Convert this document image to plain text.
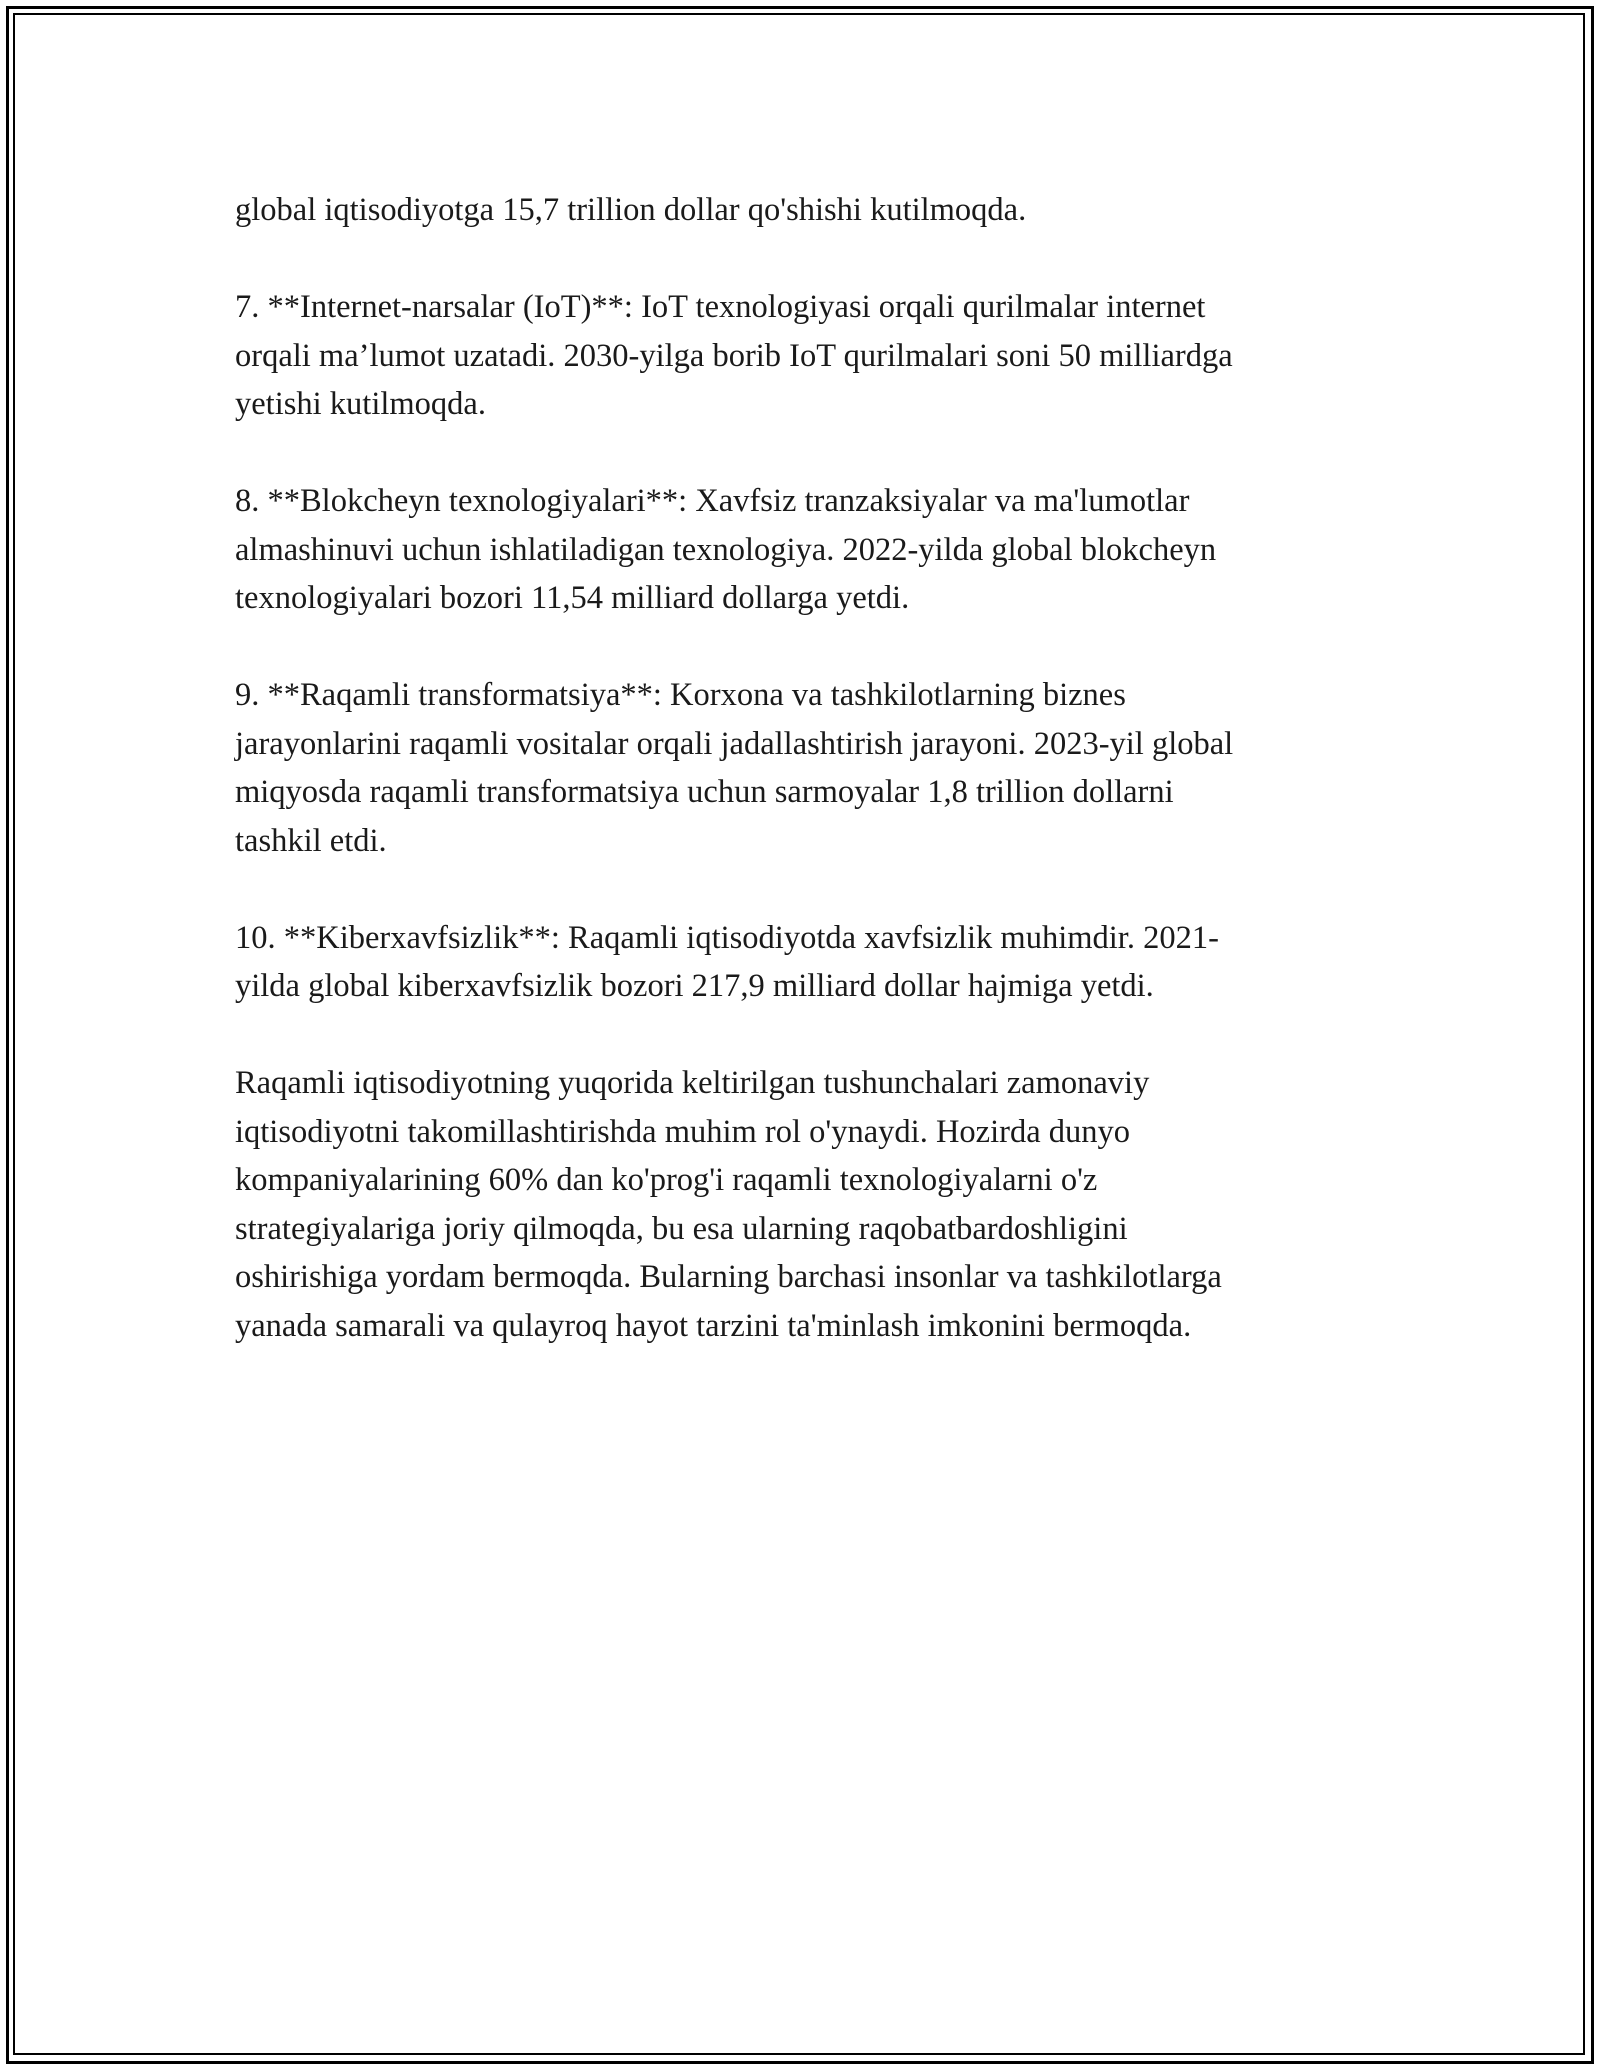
global iqtisodiyotga 15,7 trillion dollar qo'shishi kutilmoqda.

7. **Internet-narsalar (IoT)**: IoT texnologiyasi orqali qurilmalar internet
orqali ma’lumot uzatadi. 2030-yilga borib IoT qurilmalari soni 50 milliardga
yetishi kutilmoqda.

8. **Blokcheyn texnologiyalari**: Xavfsiz tranzaksiyalar va ma'lumotlar
almashinuvi uchun ishlatiladigan texnologiya. 2022-yilda global blokcheyn
texnologiyalari bozori 11,54 milliard dollarga yetdi.

9. **Raqamli transformatsiya**: Korxona va tashkilotlarning biznes
jarayonlarini raqamli vositalar orqali jadallashtirish jarayoni. 2023-yil global
miqyosda raqamli transformatsiya uchun sarmoyalar 1,8 trillion dollarni
tashkil etdi.

10. **Kiberxavfsizlik**: Raqamli iqtisodiyotda xavfsizlik muhimdir. 2021-
yilda global kiberxavfsizlik bozori 217,9 milliard dollar hajmiga yetdi.

Raqamli iqtisodiyotning yuqorida keltirilgan tushunchalari zamonaviy
iqtisodiyotni takomillashtirishda muhim rol o'ynaydi. Hozirda dunyo
kompaniyalarining 60% dan ko'prog'i raqamli texnologiyalarni o'z
strategiyalariga joriy qilmoqda, bu esa ularning raqobatbardoshligini
oshirishiga yordam bermoqda. Bularning barchasi insonlar va tashkilotlarga
yanada samarali va qulayroq hayot tarzini ta'minlash imkonini bermoqda.
